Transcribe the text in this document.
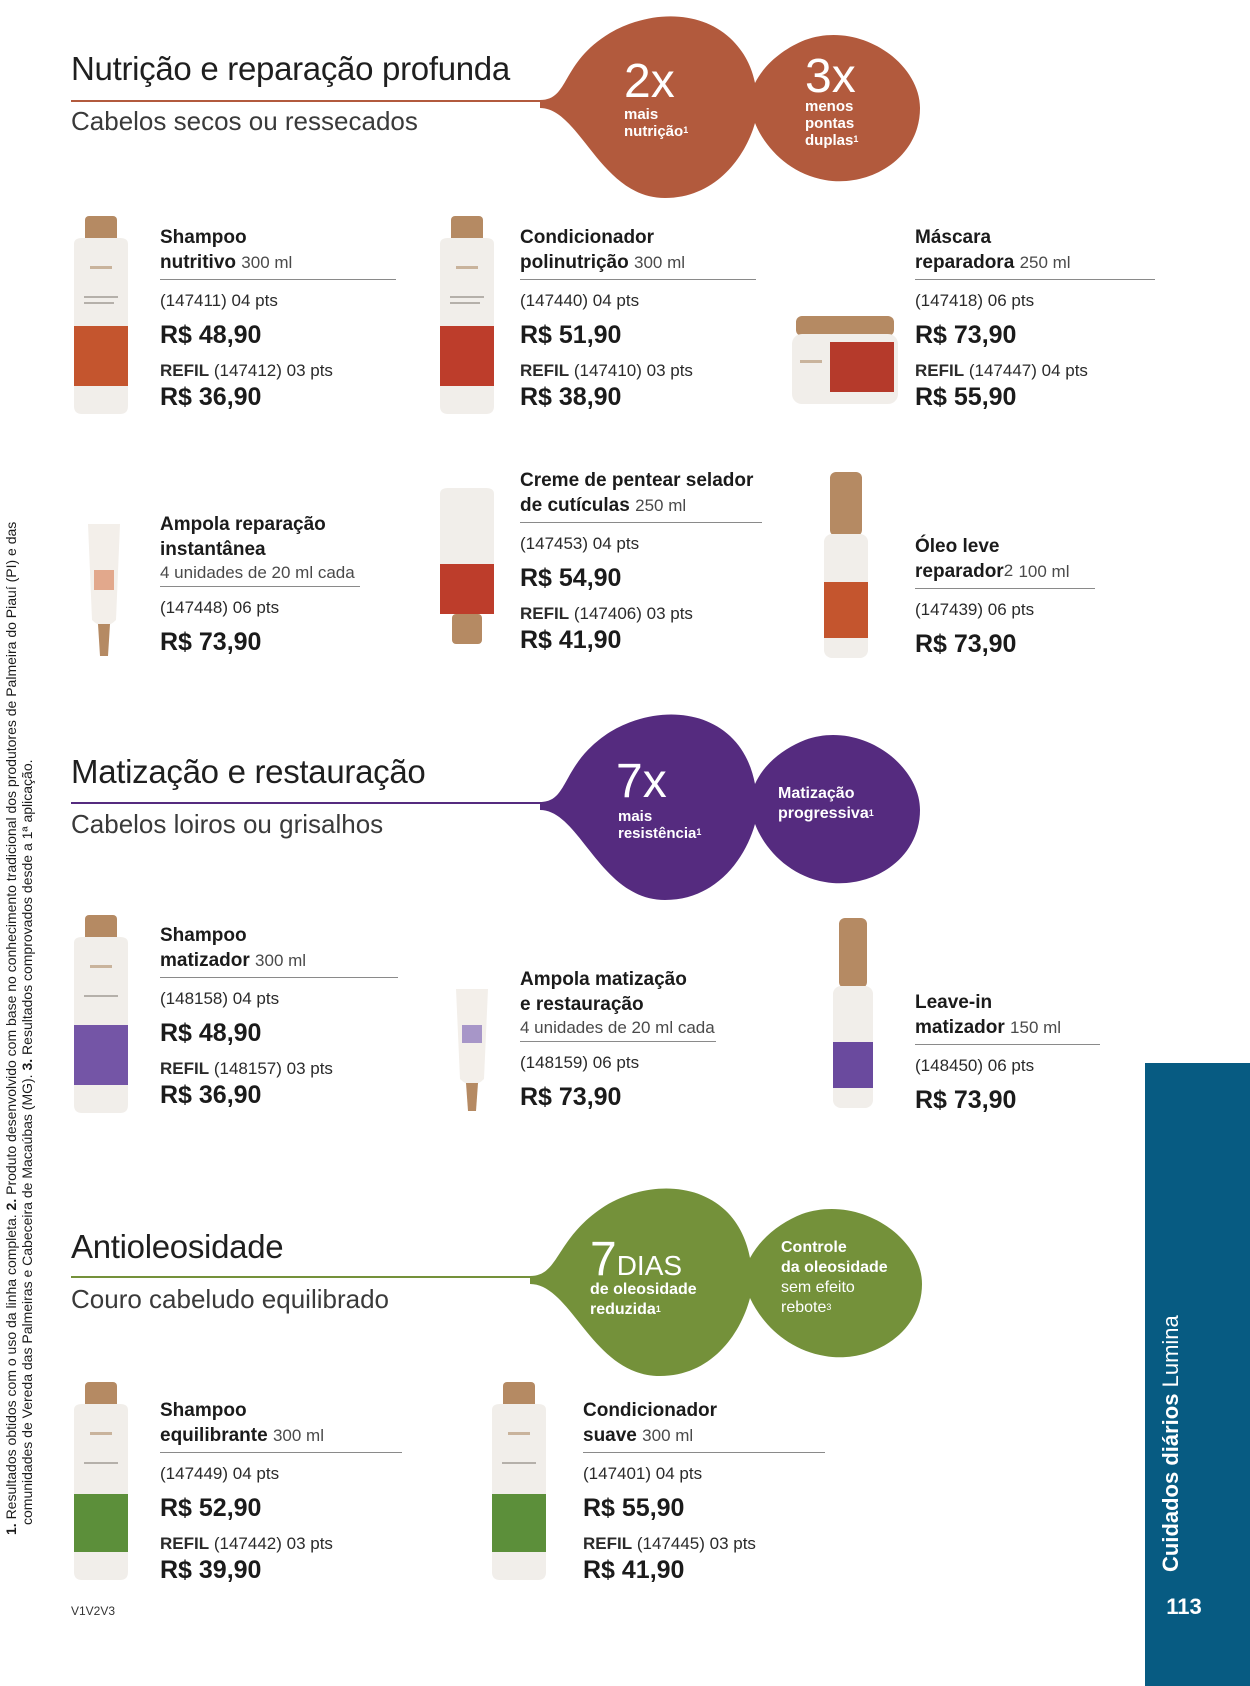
Nutrição e reparação profunda
Cabelos secos ou ressecados
2x
mais
nutrição$^1$
3x
menos
pontas
duplas$^1$
Shampoo
nutritivo 300 ml
(147411) 04 pts
R$ 48,90
REFIL (147412) 03 pts
R$ 36,90
Condicionador
polinutrição 300 ml
(147440) 04 pts
R$ 51,90
REFIL (147410) 03 pts
R$ 38,90
Máscara
reparadora 250 ml
(147418) 06 pts
R$ 73,90
REFIL (147447) 04 pts
R$ 55,90
Ampola reparação
instantânea
4 unidades de 20 ml cada
(147448) 06 pts
R$ 73,90
Creme de pentear selador
de cutículas 250 ml
(147453) 04 pts
R$ 54,90
REFIL (147406) 03 pts
R$ 41,90
Óleo leve
reparador$^2$ 100 ml
(147439) 06 pts
R$ 73,90
Matização e restauração
Cabelos loiros ou grisalhos
7x
mais
resistência$^1$
Matização
progressiva$^1$
Shampoo
matizador 300 ml
(148158) 04 pts
R$ 48,90
REFIL (148157) 03 pts
R$ 36,90
Ampola matização
e restauração
4 unidades de 20 ml cada
(148159) 06 pts
R$ 73,90
Leave-in
matizador 150 ml
(148450) 06 pts
R$ 73,90
Antioleosidade
Couro cabeludo equilibrado
7DIAS
de oleosidade
reduzida$^1$
Controle
da oleosidade
sem efeito
rebote$^3$
Shampoo
equilibrante 300 ml
(147449) 04 pts
R$ 52,90
REFIL (147442) 03 pts
R$ 39,90
Condicionador
suave 300 ml
(147401) 04 pts
R$ 55,90
REFIL (147445) 03 pts
R$ 41,90
1. Resultados obtidos com o uso da linha completa. 2. Produto desenvolvido com base no conhecimento tradicional dos produtores de Palmeira do Piauí (PI) e das
comunidades de Vereda das Palmeiras e Cabeceira de Macaúbas (MG). 3. Resultados comprovados desde a 1ª aplicação.
Cuidados diários Lumina
113
V1V2V3
